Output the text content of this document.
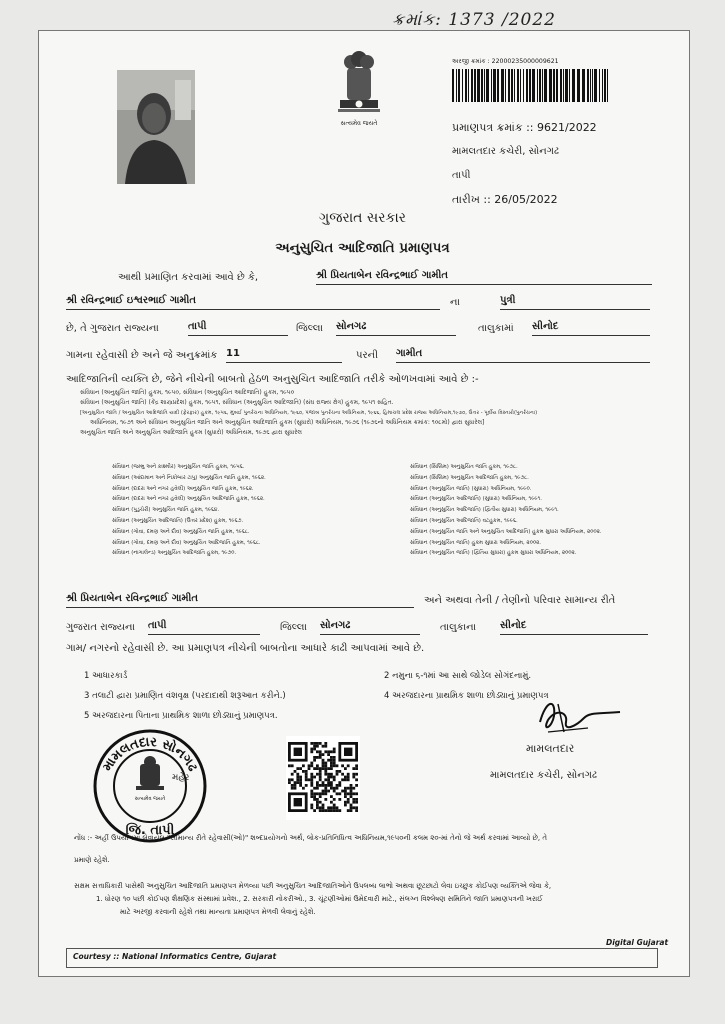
ક્રમાંક: 1373 /2022
સત્યમેવ જયતે
અરજી ક્રમાંક : 22000235000009621
પ્રમાણપત્ર ક્રમાંક :: 9621/2022
મામલતદાર કચેરી, સોનગઢ
તાપી
તારીખ :: 26/05/2022
ગુજરાત સરકાર
અનુસુચિત આદિજાતિ પ્રમાણપત્ર
આથી પ્રમાણિત કરવામાં આવે છે કે,	શ્રી પ્રિયતાબેન રવિન્દ્રભાઈ ગામીત
શ્રી રવિન્દ્રભાઈ ઇશ્વરભાઈ ગામીત	ના	પુત્રી
છે, તે ગુજરાત રાજ્યના	તાપી	જિલ્લા સોનગઢ	તાલુકામાં સીનોદ
ગામના રહેવાસી છે અને જે અનુક્રમાંક 11	પરની ગામીત
આદિજાતિની વ્યક્તિ છે, જેને નીચેની બાબતો હેઠળ અનુસુચિત આદિજાતિ તરીકે ઓળખવામાં આવે છે :-
સંવિધાન (અનુસુચિત જાતિ) હુકમ, ૧૯૫૦, સંવિધાન (અનુસુચિત આદિજાતિ) હુકમ, ૧૯૫૦
સંવિધાન (અનુસુચિત જાતિ) (કેંદ્ર શાસ્ત્રપ્રદેશ) હુકમ, ૧૯૫૧, સંવિધાન (અનુસુચિત આદિજાતિ) (સંઘ રાજ્ય ક્ષેત્ર) હુકમ, ૧૯૫૧ સહિત.
[અનુસુચિત જાતિ / અનુસુચિત આદિજાતિ યાદી (ફેરફાર) હુકમ, ૧૯૫૬, મુંબઈ પુનર્રચના અધિનિયમ, ૧૯૬૦, પંજાબ પુનર્રચના અધિનિયમ, ૧૯૬૬, હિમાચલ પ્રદેશ રાજ્ય અધિનિયમ,૧૯૭૦, ઉત્તર - પૂર્વીય વિસ્તારો(પુનર્રચના)
અધિનિયમ, ૧૯૭૧ અને સંવિધાન અનુસુચિત જાતિ અને અનુસુચિત આદિજાતિ હુકમ (સુધારો) અધિનિયમ, ૧૯૭૬ (૧૯૭૬નો અધિનિયમ ક્રમાંક: ૧૦૮મો) દ્વારા સુધારેલ]
અનુસુચિત જાતિ અને અનુસુચિત આદિજાતિ હુકમ (સુધારો) અધિનિયમ, ૧૯૭૬ દ્વારા સુધારેલ
સંવિધાન (જમ્મુ અને કાશ્મીર) અનુસુચિત જાતિ હુકમ, ૧૯૫૬.
સંવિધાન (આંદામાન અને નિકોબાર ટાપુ) અનુસુચિત જાતિ હુકમ, ૧૯૬૨.
સંવિધાન (દાદરા અને નગર હવેલી) અનુસુચિત જાતિ હુકમ, ૧૯૬૨.
સંવિધાન (દાદરા અને નગર હવેલી) અનુસુચિત આદિજાતિ હુકમ, ૧૯૬૨.
સંવિધાન (પુડુચેરી) અનુસુચિત જાતિ હુકમ, ૧૯૬૪.
સંવિધાન (અનુસુચિત આદિજાતિ) (ઉત્તર પ્રદેશ) હુકમ, ૧૯૬૭.
સંવિધાન (ગોવા, દમણ અને દીવ) અનુસુચિત જાતિ હુકમ, ૧૯૬૮.
સંવિધાન (ગોવા, દમણ અને દીવ) અનુસુચિત આદિજાતિ હુકમ, ૧૯૬૮.
સંવિધાન (નાગાલેન્ડ) અનુસુચિત આદિજાતિ હુકમ, ૧૯૭૦.
સંવિધાન (સિક્કિમ) અનુસુચિત જાતિ હુકમ, ૧૯૭૮.
સંવિધાન (સિક્કિમ) અનુસુચિત આદિજાતિ હુકમ, ૧૯૭૮.
સંવિધાન (અનુસુચિત જાતિ) (સુધારા) અધિનિયમ, ૧૯૯૦.
સંવિધાન (અનુસુચિત આદિજાતિ) (સુધારા) અધિનિયમ, ૧૯૯૧.
સંવિધાન (અનુસુચિત આદિજાતિ) (દ્વિતીય સુધારા) અધિનિયમ, ૧૯૯૧.
સંવિધાન (અનુસુચિત આદિજાતિ) વટહુકમ, ૧૯૯૬.
સંવિધાન (અનુસુચિત જાતિ અને અનુસુચિત આદિજાતિ) હુકમ સુધારા અધિનિયમ, ૨૦૦૨.
સંવિધાન (અનુસુચિત જાતિ) હુકમ સુધારા અધિનિયમ, ૨૦૦૨.
સંવિધાન (અનુસુચિત જાતિ) (દ્વિતિય સુધારા) હુકમ સુધારા અધિનિયમ, ૨૦૦૨.
શ્રી પ્રિયતાબેન રવિન્દ્રભાઈ ગામીત	અને અથવા તેની / તેણીનો પરિવાર સામાન્ય રીતે
ગુજરાત રાજ્યના તાપી	જિલ્લા સોનગઢ	તાલુકાના સીનોદ
ગામ/ નગરનો રહેવાસી છે. આ પ્રમાણપત્ર નીચેની બાબતોના આધારે કાઢી આપવામાં આવે છે.
1 આધારકાર્ડ
3 તલાટી દ્વારા પ્રમાણિત વંશવૃક્ષ (પરદાદાથી શરૂઆત કરીને.)
5 અરજદારના પિતાના પ્રાથમિક શાળા છોડ્યાનું પ્રમાણપત્ર.
2 નમુના ૬-૧માં આ સાથે જોડેલ સોગંદનામું.
4 અરજદારના પ્રાથમિક શાળા છોડ્યાનું પ્રમાણપત્ર
મામલતદાર
મામલતદાર કચેરી, સોનગઢ
મામલતદાર સોનગઢ
મહેર
સત્યમેવ જયતે
જિ. તાપી
નોંધ :- અહીં ઉપયોગમાં લેવાયેલ "સામાન્ય રીતે રહેવાસી(ઓ)" શબ્દપ્રયોગનો અર્થ, લોક-પ્રતિનિધિત્વ અધિનિયમ,૧૯૫૦ની કલમ ૨૦-માં તેનો જે અર્થ કરવામાં આવ્યો છે, તે
પ્રમાણે રહેશે.
સક્ષમ સત્તાધિકારી પાસેથી અનુસુચિત આદિજાતિ પ્રમાણપત્ર મેળવ્યા પછી અનુસુચિત આદિજાતિઓને ઉપલબ્ધ લાભો અથવા છૂટછાટો લેવા ઇચ્છુક કોઈપણ વ્યક્તિએ જેવા કે,
1. ધોરણ ૧૦ પછી કોઈપણ શૈક્ષણિક સંસ્થામાં પ્રવેશ., 2. સરકારી નોકરીઓ., 3. ચૂંટણીઓમાં ઉમેદવારી માટે., સંલગ્ન વિશ્લેષણ સમિતિને જાતિ પ્રમાણપત્રની ખરાઈ
માટે અરજી કરવાની રહેશે તથા માન્યતા પ્રમાણપત્ર મેળવી લેવાનું રહેશે.
Courtesy :: National Informatics Centre, Gujarat
Digital Gujarat
